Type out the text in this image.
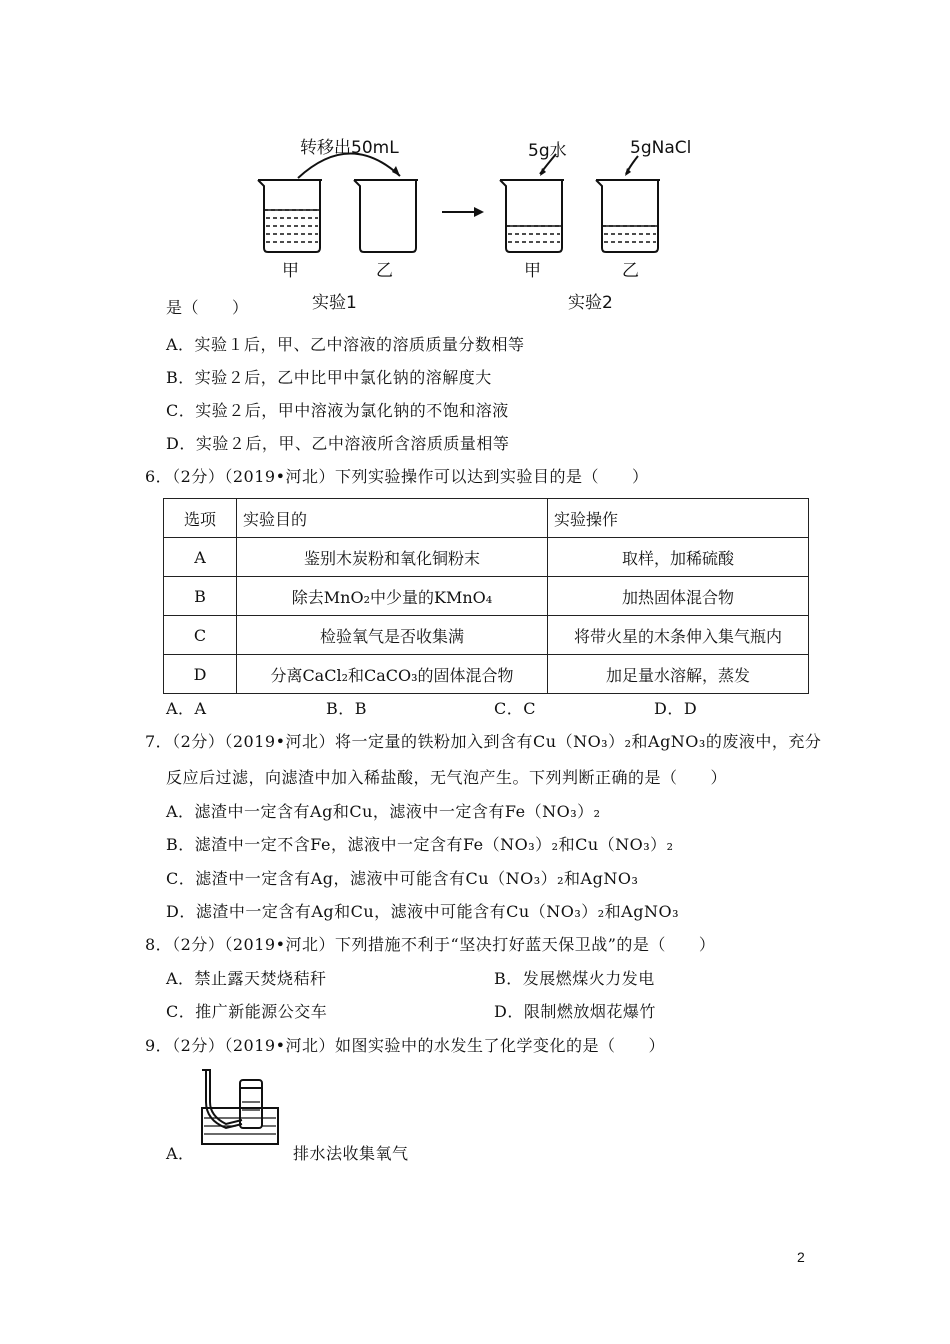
转移出50mL	5g水	5gNaCl
甲	乙	甲	乙
实验1	实验2
是（　　）
A．实验１后，甲、乙中溶液的溶质质量分数相等
B．实验２后，乙中比甲中氯化钠的溶解度大
C．实验２后，甲中溶液为氯化钠的不饱和溶液
D．实验２后，甲、乙中溶液所含溶质质量相等
6．（2分）（2019•河北）下列实验操作可以达到实验目的是（　　）
选项	实验目的	实验操作
A	鉴别木炭粉和氧化铜粉末	取样，加稀硫酸
B	除去MnO₂中少量的KMnO₄	加热固体混合物
C	检验氧气是否收集满	将带火星的木条伸入集气瓶内
D	分离CaCl₂和CaCO₃的固体混合物	加足量水溶解，蒸发
A．A	B．B	C．C	D．D
7．（2分）（2019•河北）将一定量的铁粉加入到含有Cu（NO₃）₂和AgNO₃的废液中，充分
反应后过滤，向滤渣中加入稀盐酸，无气泡产生。下列判断正确的是（　　）
A．滤渣中一定含有Ag和Cu，滤液中一定含有Fe（NO₃）₂
B．滤渣中一定不含Fe，滤液中一定含有Fe（NO₃）₂和Cu（NO₃）₂
C．滤渣中一定含有Ag，滤液中可能含有Cu（NO₃）₂和AgNO₃
D．滤渣中一定含有Ag和Cu，滤液中可能含有Cu（NO₃）₂和AgNO₃
8．（2分）（2019•河北）下列措施不利于“坚决打好蓝天保卫战”的是（　　）
A．禁止露天焚烧秸秆	B．发展燃煤火力发电
C．推广新能源公交车	D．限制燃放烟花爆竹
9．（2分）（2019•河北）如图实验中的水发生了化学变化的是（　　）
A．	排水法收集氧气
2
